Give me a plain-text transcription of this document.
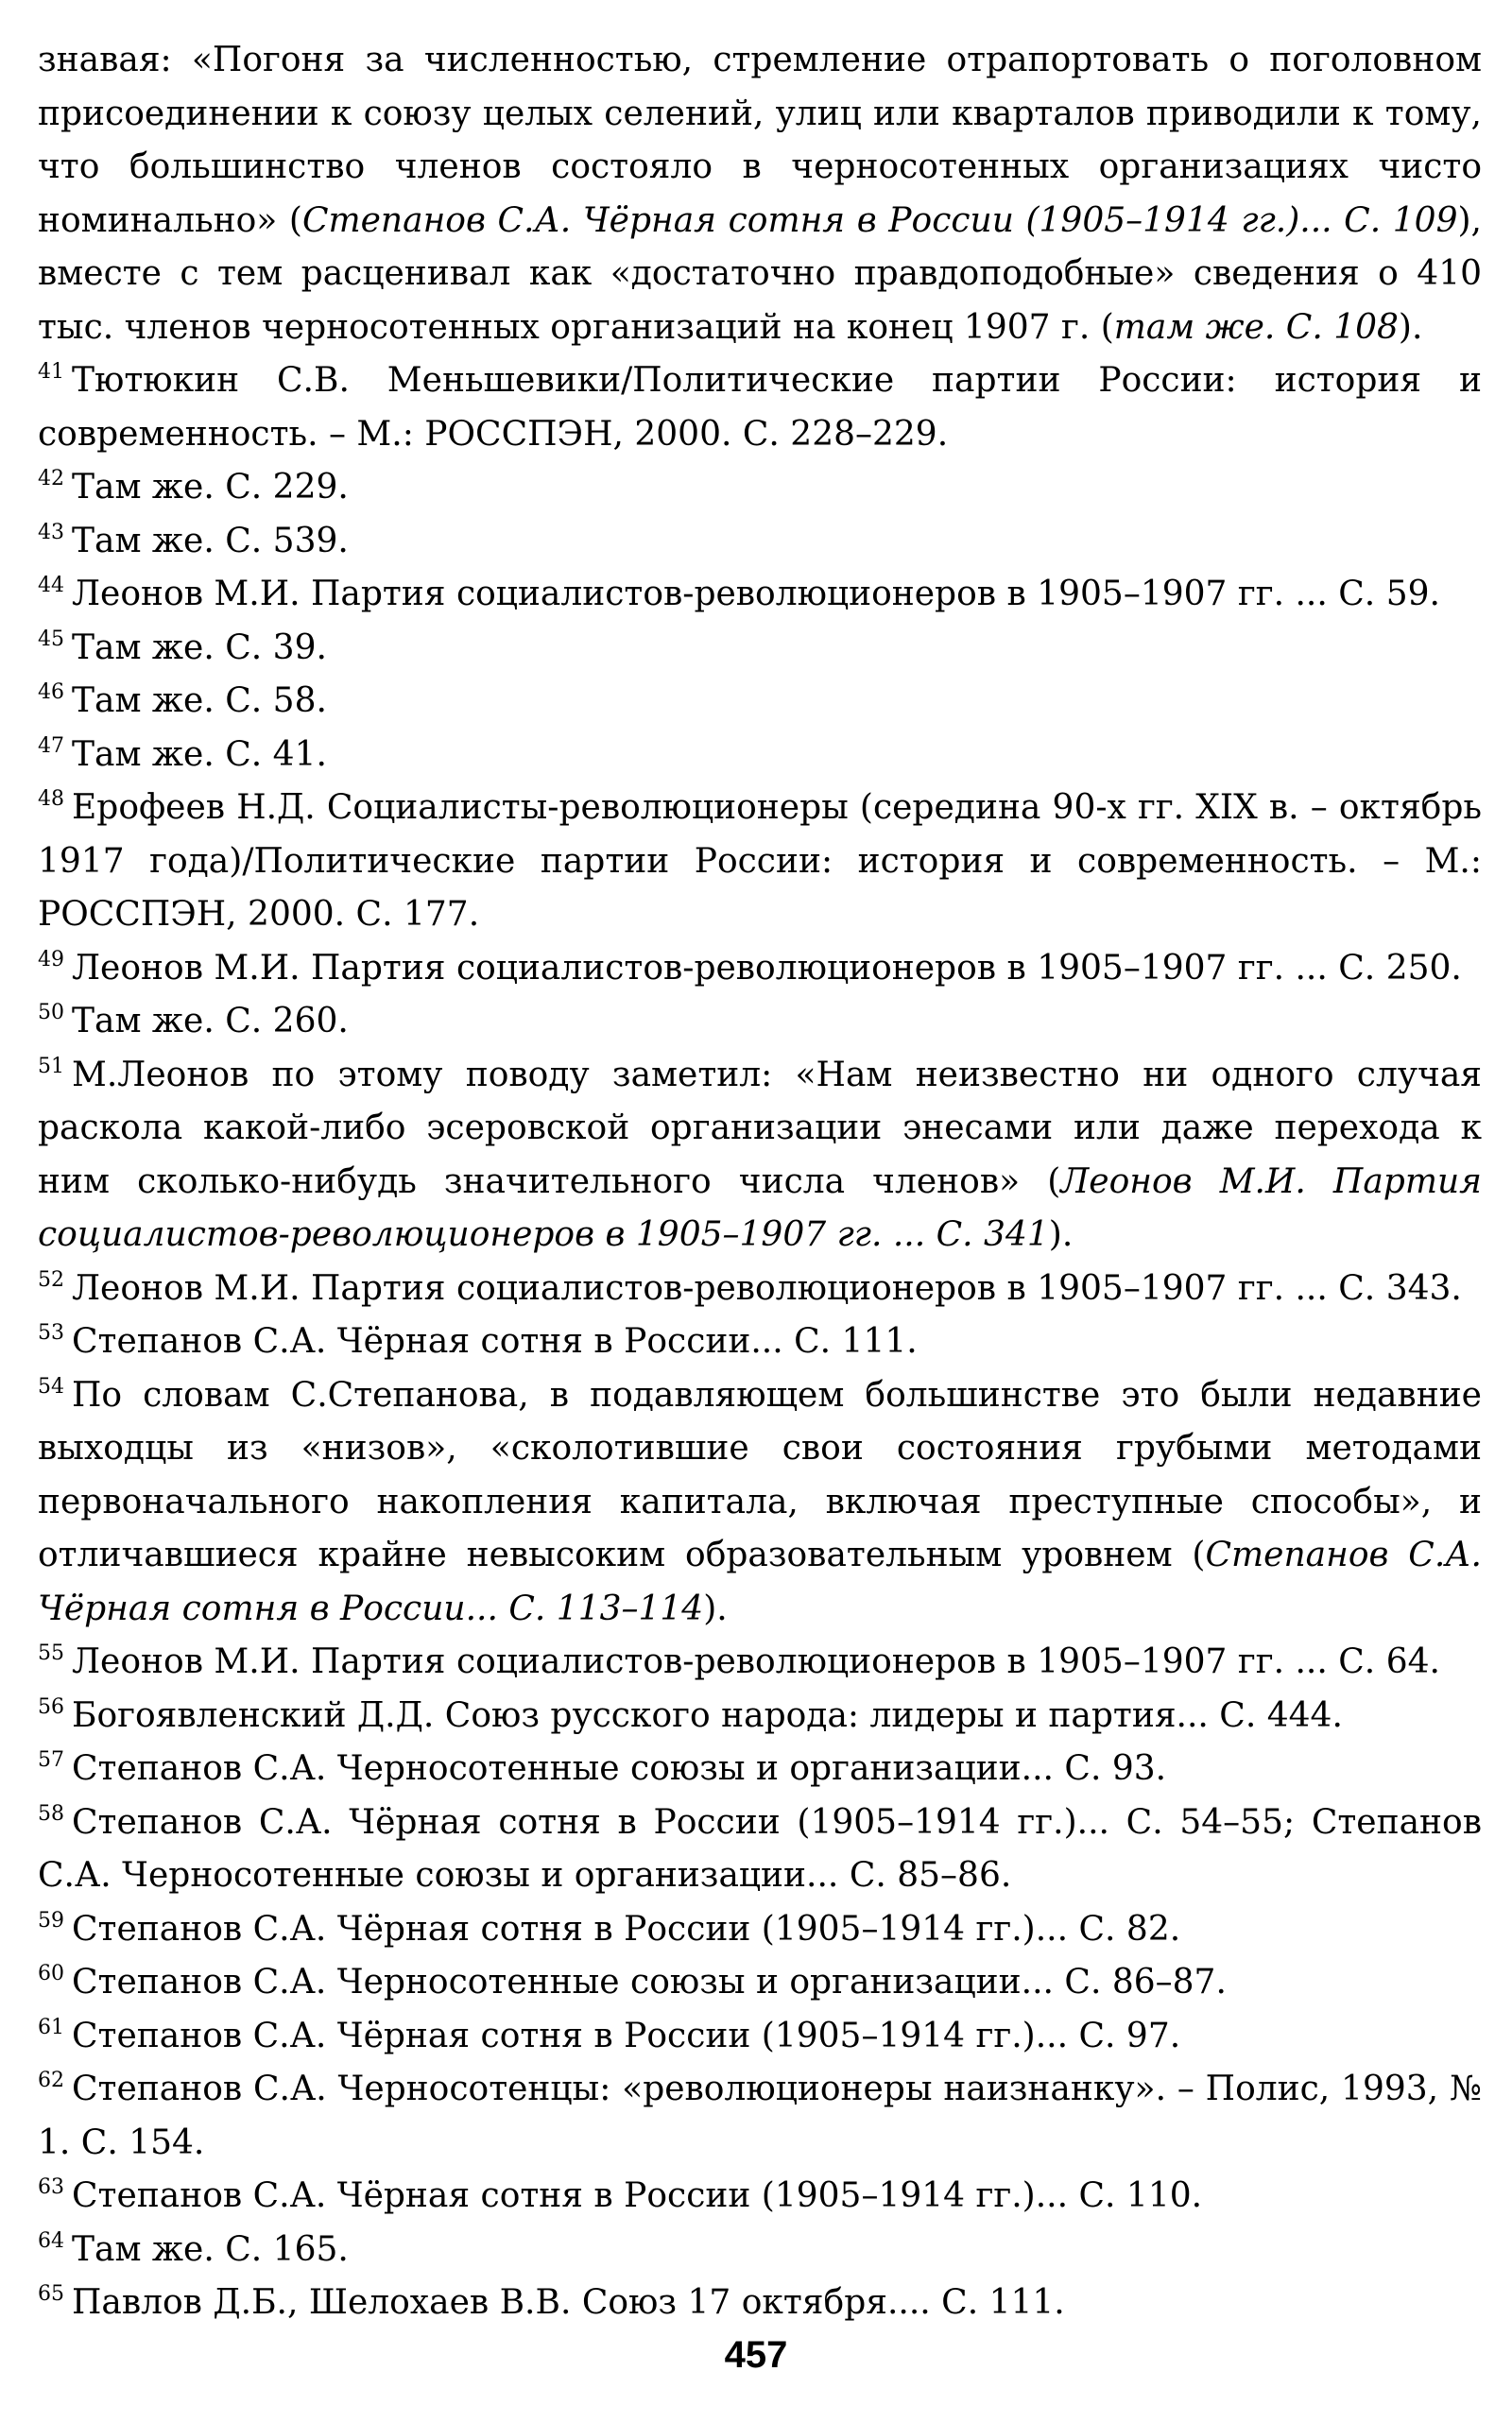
знавая: «Погоня за численностью, стремление отрапортовать о поголовном присоединении к союзу целых селений, улиц или кварталов приводили к тому, что большинство членов состояло в черносотенных организациях чисто номинально» (Степанов С.А. Чёрная сотня в России (1905–1914 гг.)... С. 109), вместе с тем расценивал как «достаточно правдоподобные» сведения о 410 тыс. членов черносотенных организаций на конец 1907 г. (там же. С. 108).

$^{41}$ Тютюкин С.В. Меньшевики/Политические партии России: история и современность. – М.: РОССПЭН, 2000. С. 228–229.

$^{42}$ Там же. С. 229.

$^{43}$ Там же. С. 539.

$^{44}$ Леонов М.И. Партия социалистов-революционеров в 1905–1907 гг. ... С. 59.

$^{45}$ Там же. С. 39.

$^{46}$ Там же. С. 58.

$^{47}$ Там же. С. 41.

$^{48}$ Ерофеев Н.Д. Социалисты-революционеры (середина 90-х гг. XIX в. – октябрь 1917 года)/Политические партии России: история и современность. – М.: РОССПЭН, 2000. С. 177.

$^{49}$ Леонов М.И. Партия социалистов-революционеров в 1905–1907 гг. ... С. 250.

$^{50}$ Там же. С. 260.

$^{51}$ М.Леонов по этому поводу заметил: «Нам неизвестно ни одного случая раскола какой-либо эсеровской организации энесами или даже перехода к ним сколько-нибудь значительного числа членов» (Леонов М.И. Партия социалистов-революционеров в 1905–1907 гг. ... С. 341).

$^{52}$ Леонов М.И. Партия социалистов-революционеров в 1905–1907 гг. ... С. 343.

$^{53}$ Степанов С.А. Чёрная сотня в России... С. 111.

$^{54}$ По словам С.Степанова, в подавляющем большинстве это были недавние выходцы из «низов», «сколотившие свои состояния грубыми методами первоначального накопления капитала, включая преступные способы», и отличавшиеся крайне невысоким образовательным уровнем (Степанов С.А. Чёрная сотня в России... С. 113–114).

$^{55}$ Леонов М.И. Партия социалистов-революционеров в 1905–1907 гг. ... С. 64.

$^{56}$ Богоявленский Д.Д. Союз русского народа: лидеры и партия... С. 444.

$^{57}$ Степанов С.А. Черносотенные союзы и организации... С. 93.

$^{58}$ Степанов С.А. Чёрная сотня в России (1905–1914 гг.)... С. 54–55; Степанов С.А. Черносотенные союзы и организации... С. 85–86.

$^{59}$ Степанов С.А. Чёрная сотня в России (1905–1914 гг.)... С. 82.

$^{60}$ Степанов С.А. Черносотенные союзы и организации... С. 86–87.

$^{61}$ Степанов С.А. Чёрная сотня в России (1905–1914 гг.)... С. 97.

$^{62}$ Степанов С.А. Черносотенцы: «революционеры наизнанку». – Полис, 1993, № 1. С. 154.

$^{63}$ Степанов С.А. Чёрная сотня в России (1905–1914 гг.)... С. 110.

$^{64}$ Там же. С. 165.

$^{65}$ Павлов Д.Б., Шелохаев В.В. Союз 17 октября.... С. 111.

457
